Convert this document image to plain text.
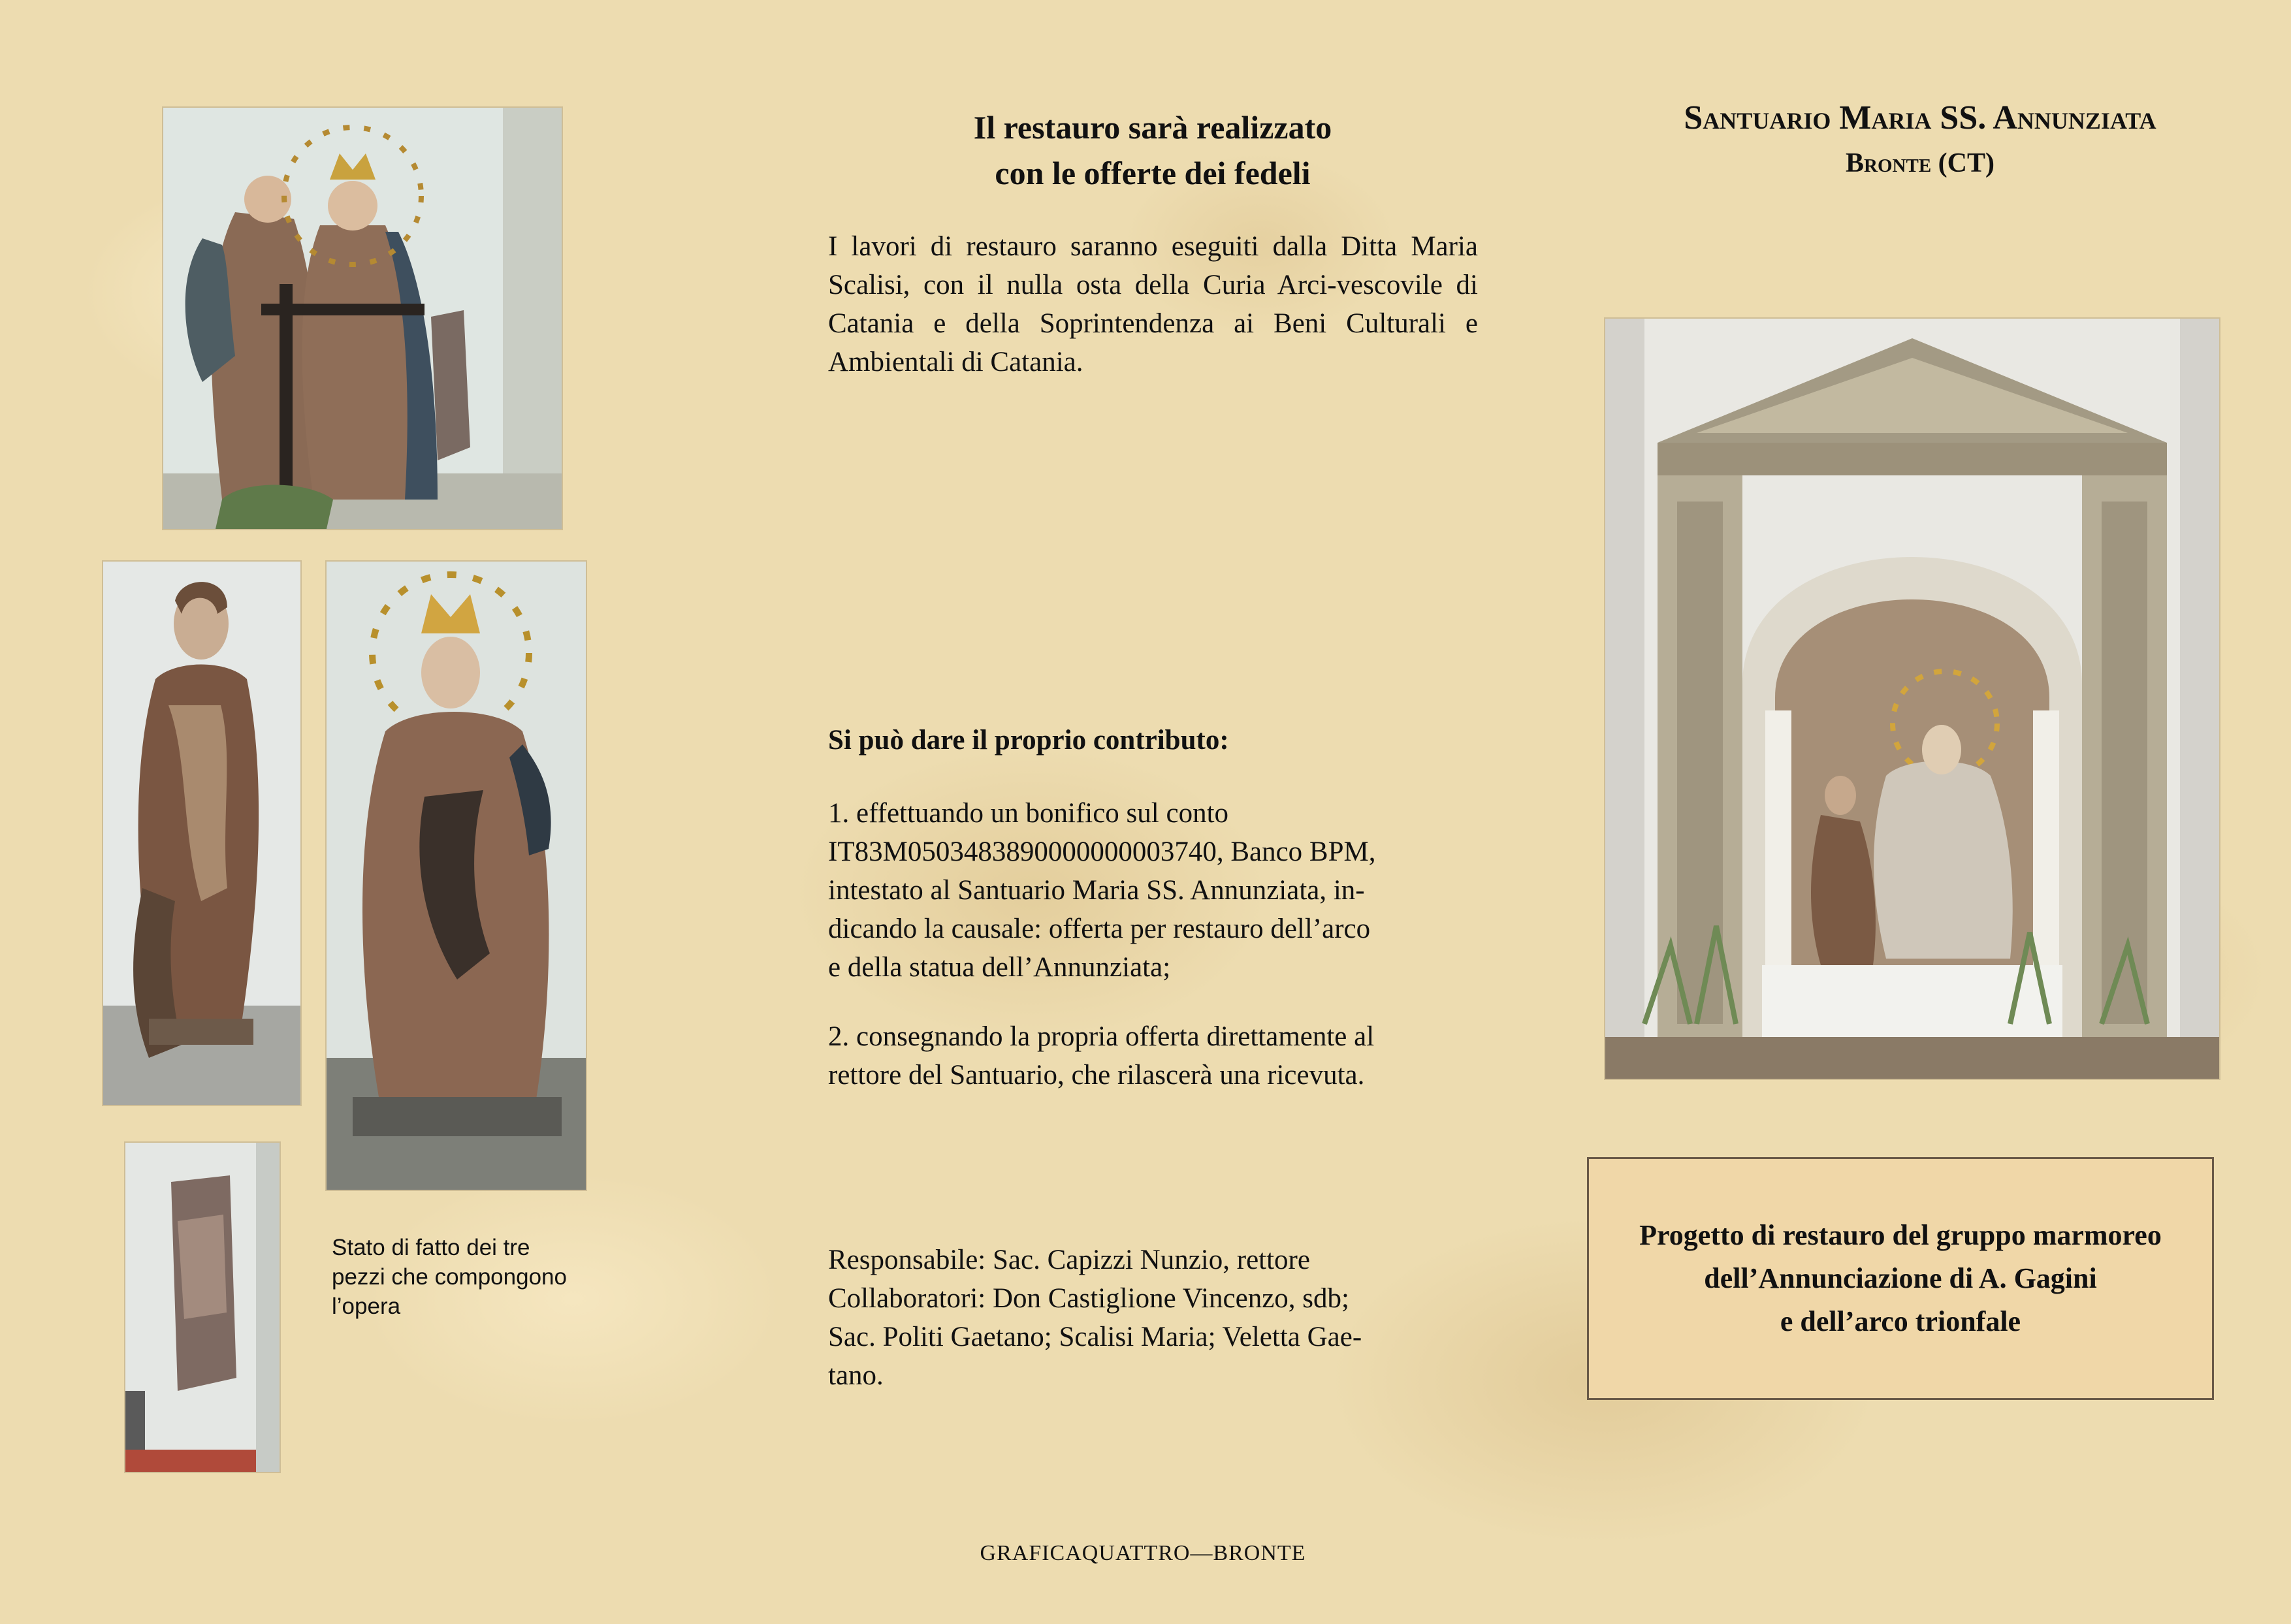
Stato di fatto dei tre
pezzi che compongono
l’opera
Il restauro sarà realizzato
con le offerte dei fedeli
I lavori di restauro saranno eseguiti dalla Ditta Maria Scalisi, con il nulla osta della Curia Arci-vescovile di Catania e della Soprintendenza ai Beni Culturali e Ambientali di Catania.
Si può dare il proprio contributo:
1. effettuando un bonifico sul conto
IT83M0503483890000000003740, Banco BPM,
intestato al Santuario Maria SS. Annunziata, in-
dicando la causale: offerta per restauro dell’arco
e della statua dell’Annunziata;
2. consegnando la propria offerta direttamente al
rettore del Santuario, che rilascerà una ricevuta.
Responsabile: Sac. Capizzi Nunzio, rettore
Collaboratori: Don Castiglione Vincenzo, sdb;
Sac. Politi Gaetano; Scalisi Maria; Veletta Gae-
tano.
Santuario Maria SS. Annunziata
Bronte (CT)
Progetto di restauro del gruppo marmoreo
dell’Annunciazione di A. Gagini
e dell’arco trionfale
GRAFICAQUATTRO—BRONTE
